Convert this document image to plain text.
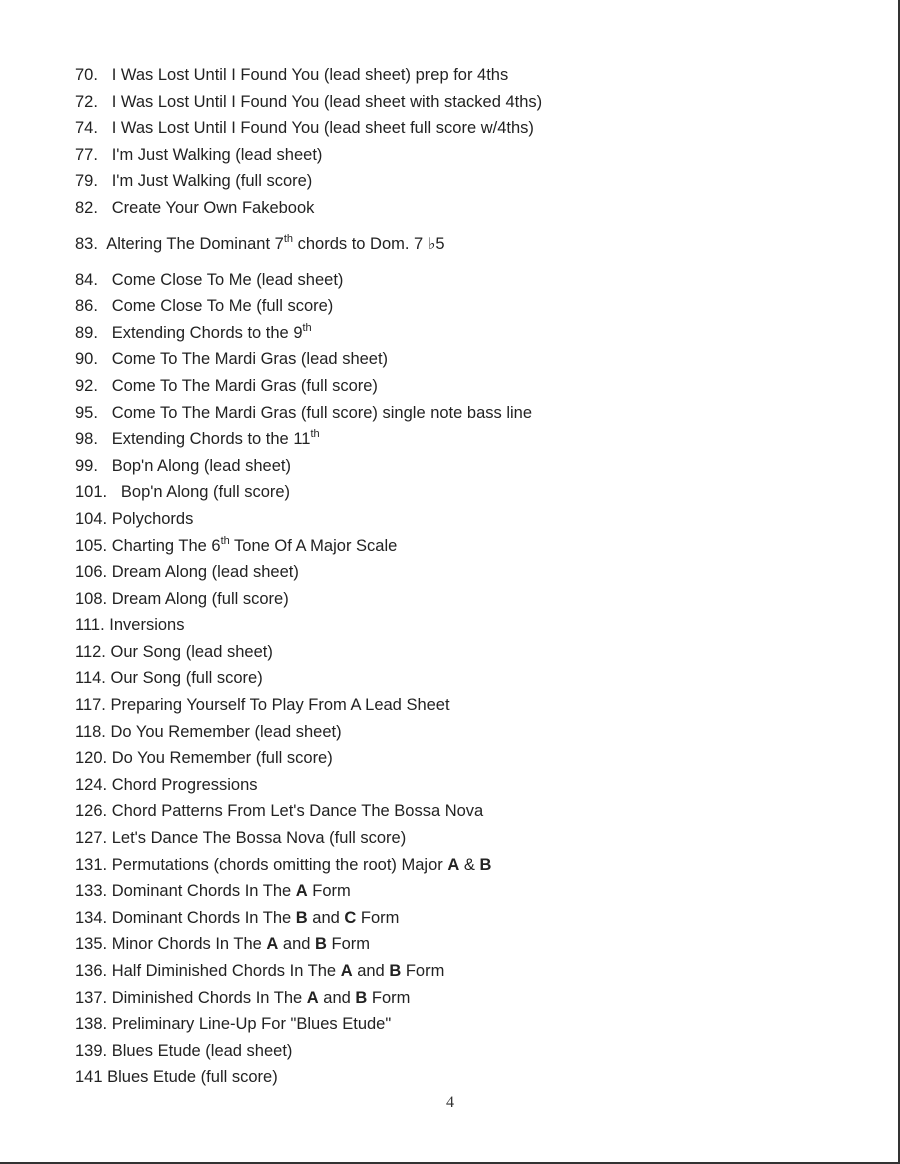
70. I Was Lost Until I Found You (lead sheet) prep for 4ths
72. I Was Lost Until I Found You (lead sheet with stacked 4ths)
74. I Was Lost Until I Found You (lead sheet full score w/4ths)
77. I'm Just Walking (lead sheet)
79. I'm Just Walking (full score)
82. Create Your Own Fakebook
83. Altering The Dominant 7th chords to Dom. 7 ♭5
84. Come Close To Me (lead sheet)
86. Come Close To Me (full score)
89. Extending Chords to the 9th
90. Come To The Mardi Gras (lead sheet)
92. Come To The Mardi Gras (full score)
95. Come To The Mardi Gras (full score) single note bass line
98. Extending Chords to the 11th
99. Bop'n Along (lead sheet)
101. Bop'n Along (full score)
104. Polychords
105. Charting The 6th Tone Of A Major Scale
106. Dream Along (lead sheet)
108. Dream Along (full score)
111. Inversions
112. Our Song (lead sheet)
114. Our Song (full score)
117. Preparing Yourself To Play From A Lead Sheet
118. Do You Remember (lead sheet)
120. Do You Remember (full score)
124. Chord Progressions
126. Chord Patterns From Let's Dance The Bossa Nova
127. Let's Dance The Bossa Nova (full score)
131. Permutations (chords omitting the root) Major A & B
133. Dominant Chords In The A Form
134. Dominant Chords In The B and C Form
135. Minor Chords In The A and B Form
136. Half Diminished Chords In The A and B Form
137. Diminished Chords In The A and B Form
138. Preliminary Line-Up For "Blues Etude"
139. Blues Etude (lead sheet)
141 Blues Etude (full score)
4
